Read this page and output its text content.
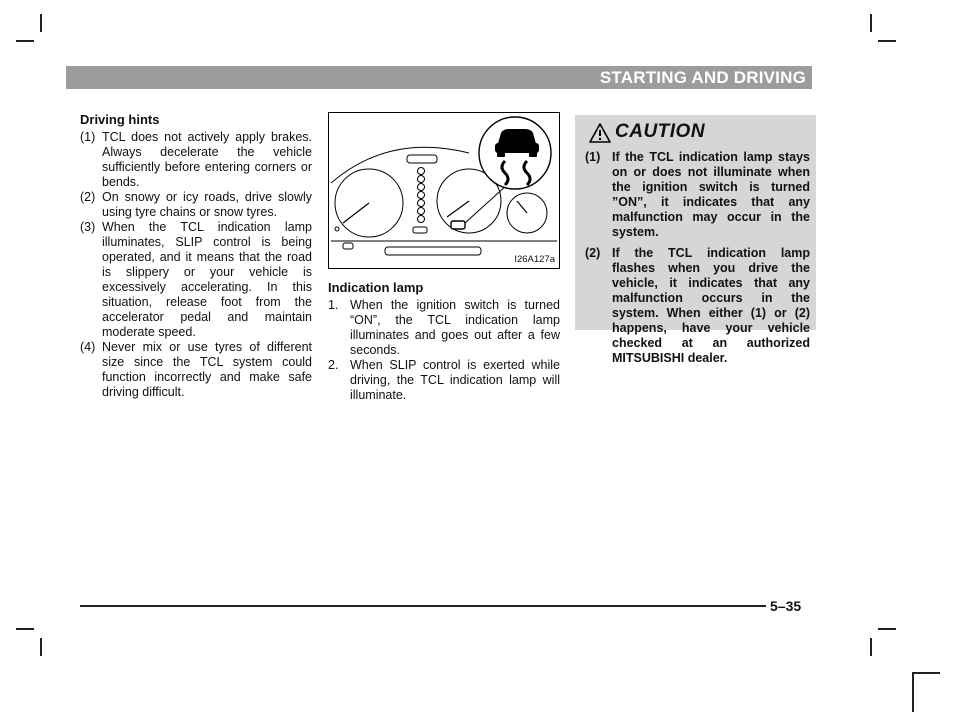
STARTING AND DRIVING

Driving hints

(1) TCL does not actively apply brakes. Always decelerate the vehicle sufficiently before entering corners or bends.
(2) On snowy or icy roads, drive slowly using tyre chains or snow tyres.
(3) When the TCL indication lamp illuminates, SLIP control is being operated, and it means that the road is slippery or your vehicle is excessively accelerating. In this situation, release foot from the accelerator pedal and maintain moderate speed.
(4) Never mix or use tyres of different size since the TCL system could function incorrectly and make safe driving difficult.
I26A127a

Indication lamp

1. When the ignition switch is turned “ON”, the TCL indication lamp illuminates and goes out after a few seconds.
2. When SLIP control is exerted while driving, the TCL indication lamp will illuminate.
CAUTION
(1) If the TCL indication lamp stays on or does not illuminate when the ignition switch is turned ”ON”, it indicates that any malfunction may occur in the system.
(2) If the TCL indication lamp flashes when you drive the vehicle, it indicates that any malfunction occurs in the system. When either (1) or (2) happens, have your vehicle checked at an authorized MITSUBISHI dealer.
5–35
